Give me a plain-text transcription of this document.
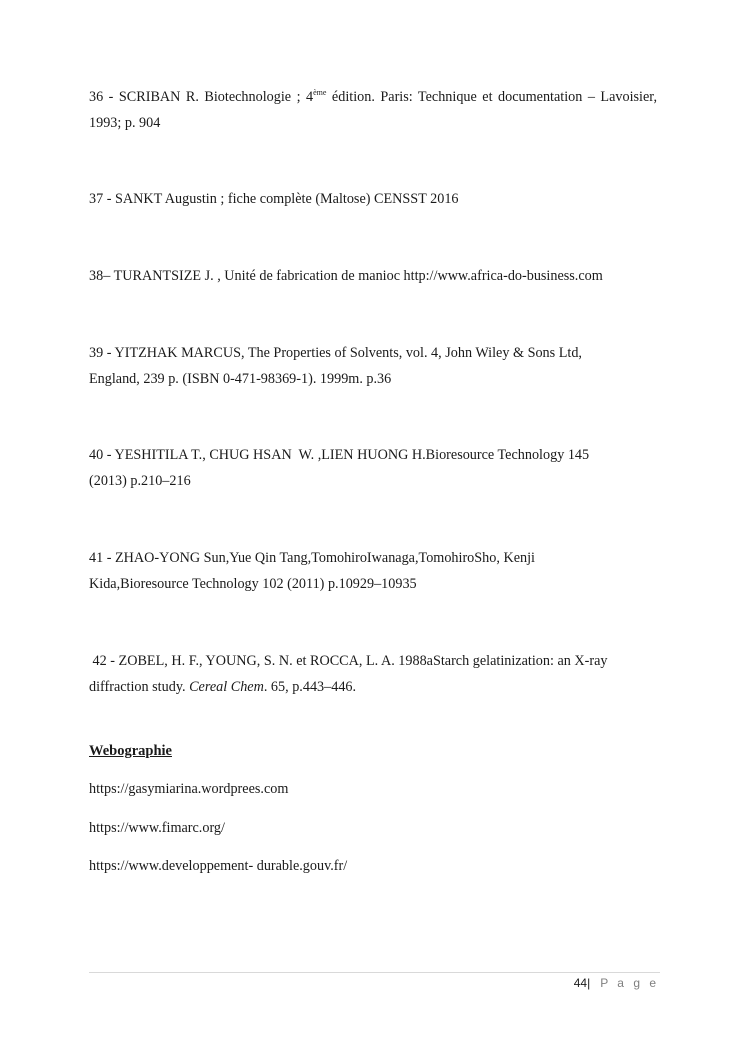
36 - SCRIBAN R. Biotechnologie ; 4ème édition. Paris: Technique et documentation – Lavoisier, 1993; p. 904

37 - SANKT Augustin ; fiche complète (Maltose) CENSST 2016

38– TURANTSIZE J. , Unité de fabrication de manioc http://www.africa-do-business.com

39 - YITZHAK MARCUS, The Properties of Solvents, vol. 4, John Wiley & Sons Ltd,
England, 239 p. (ISBN 0-471-98369-1). 1999m. p.36
40 - YESHITILA T., CHUG HSAN  W. ,LIEN HUONG H.Bioresource Technology 145
(2013) p.210–216
41 - ZHAO-YONG Sun,Yue Qin Tang,TomohiroIwanaga,TomohiroSho, Kenji
Kida,Bioresource Technology 102 (2011) p.10929–10935
42 - ZOBEL, H. F., YOUNG, S. N. et ROCCA, L. A. 1988aStarch gelatinization: an X-ray
diffraction study. Cereal Chem. 65, p.443–446.

Webographie

https://gasymiarina.wordprees.com

https://www.fimarc.org/

https://www.developpement- durable.gouv.fr/

44| P a g e
